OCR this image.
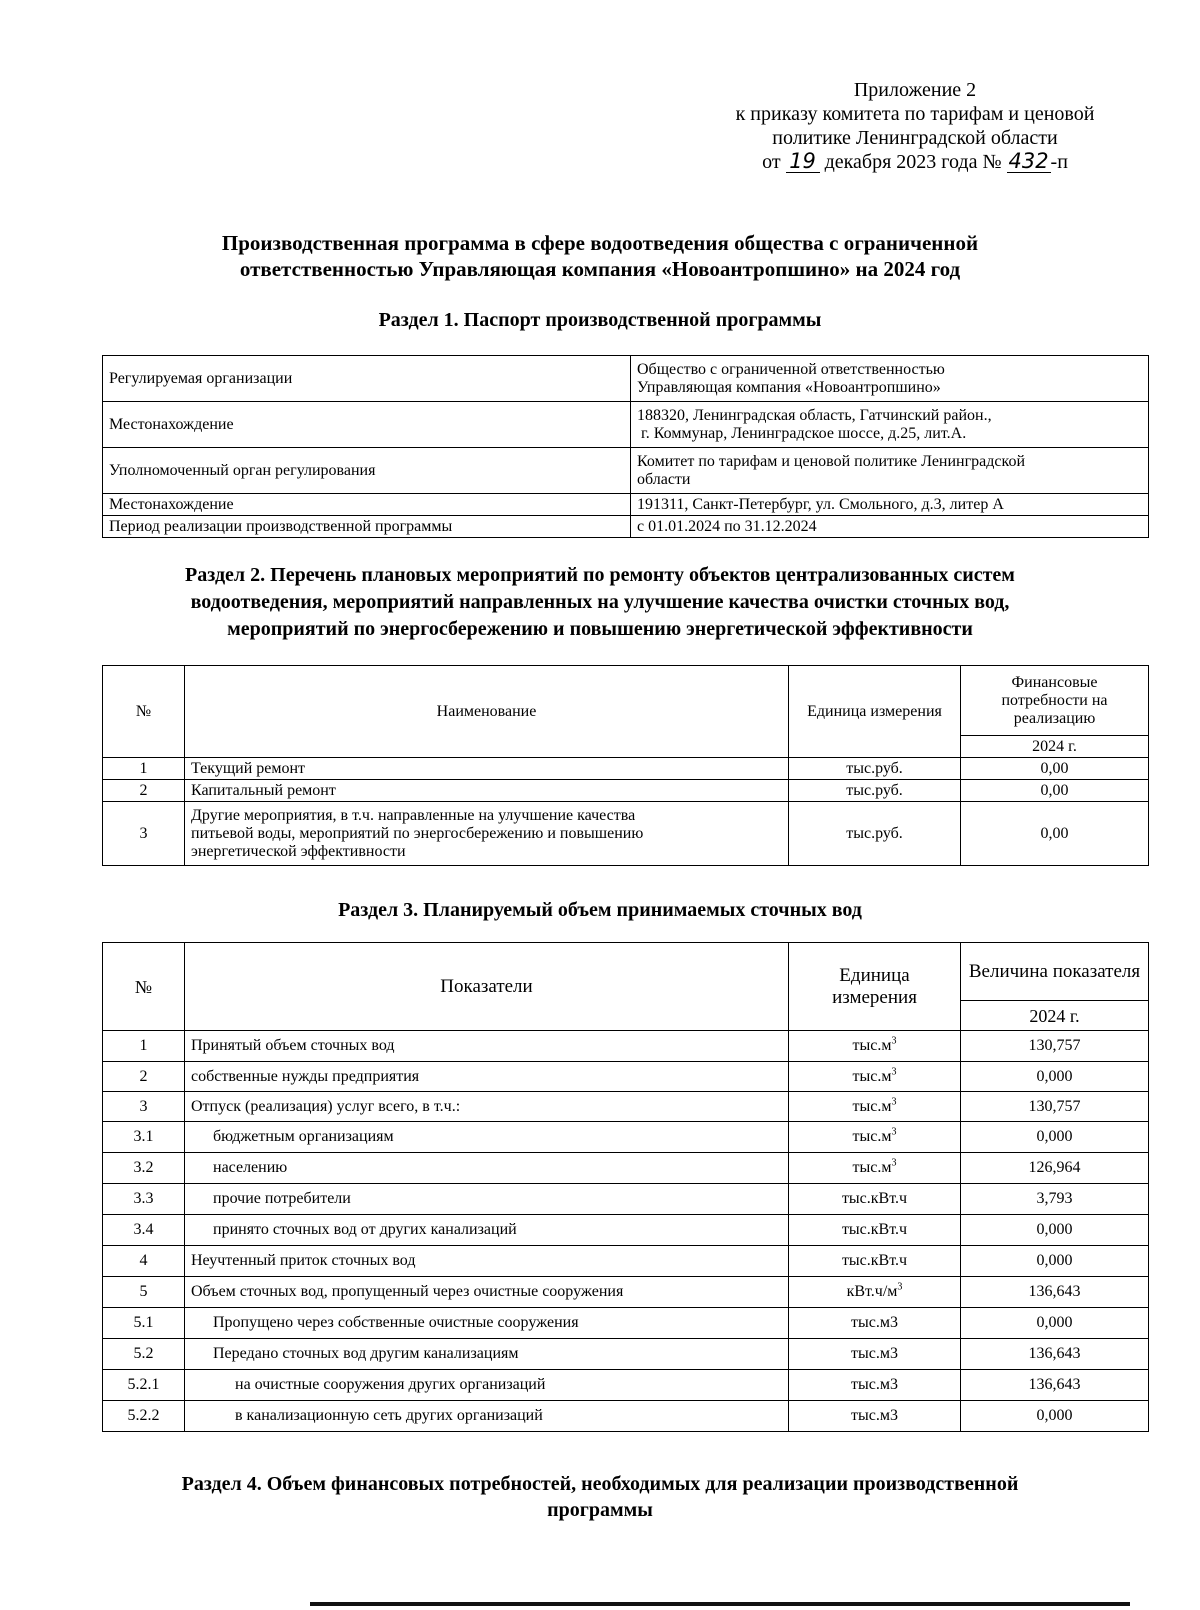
Приложение 2
к приказу комитета по тарифам и ценовой
политике Ленинградской области
от 19 декабря 2023 года № 432-п
Производственная программа в сфере водоотведения общества с ограниченной
ответственностью Управляющая компания «Новоантропшино» на 2024 год
Раздел 1. Паспорт производственной программы
Регулируемая организации	Общество с ограниченной ответственностью
Управляющая компания «Новоантропшино»

Местонахождение	188320, Ленинградская область, Гатчинский район.,
г. Коммунар, Ленинградское шоссе, д.25, лит.А.

Уполномоченный орган регулирования	Комитет по тарифам и ценовой политике Ленинградской
области

Местонахождение	191311, Санкт-Петербург, ул. Смольного, д.3, литер А
Период реализации производственной программы	с 01.01.2024 по 31.12.2024
Раздел 2. Перечень плановых мероприятий по ремонту объектов централизованных систем
водоотведения, мероприятий направленных на улучшение качества очистки сточных вод,
мероприятий по энергосбережению и повышению энергетической эффективности
№	Наименование	Единица измерения	Финансовые потребности на реализацию
			2024 г.
1	Текущий ремонт	тыс.руб.	0,00
2	Капитальный ремонт	тыс.руб.	0,00
3	Другие мероприятия, в т.ч. направленные на улучшение качества
питьевой воды, мероприятий по энергосбережению и повышению
энергетической эффективности	тыс.руб.	0,00
Раздел 3. Планируемый объем принимаемых сточных вод
№	Показатели	Единица измерения	Величина показателя
			2024 г.
1	Принятый объем сточных вод	$тыс.м^3$	130,757
2	собственные нужды предприятия	$тыс.м^3$	0,000
3	Отпуск (реализация) услуг всего, в т.ч.:	$тыс.м^3$	130,757
3.1	бюджетным организациям	$тыс.м^3$	0,000
3.2	населению	$тыс.м^3$	126,964
3.3	прочие потребители	тыс.кВт.ч	3,793
3.4	принято сточных вод от других канализаций	тыс.кВт.ч	0,000
4	Неучтенный приток сточных вод	тыс.кВт.ч	0,000
5	Объем сточных вод, пропущенный через очистные сооружения	$кВт.ч/м^3$	136,643
5.1	Пропущено через собственные очистные сооружения	тыс.м3	0,000
5.2	Передано сточных вод другим канализациям	тыс.м3	136,643
5.2.1	на очистные сооружения других организаций	тыс.м3	136,643
5.2.2	в канализационную сеть других организаций	тыс.м3	0,000
Раздел 4. Объем финансовых потребностей, необходимых для реализации производственной
программы
